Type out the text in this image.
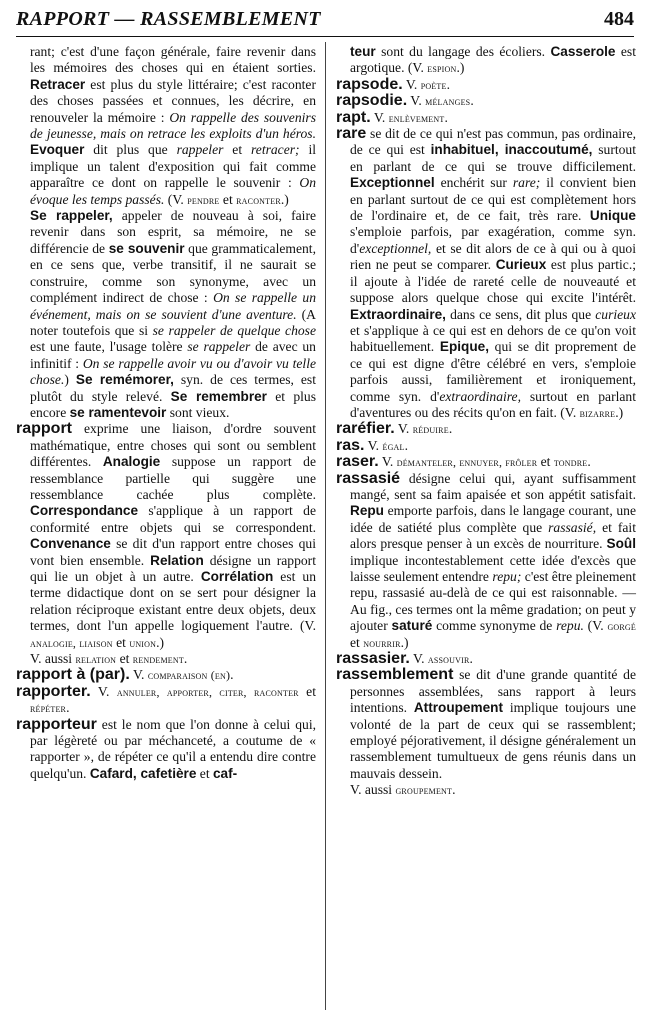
RAPPORT — RASSEMBLEMENT	484

rant; c'est d'une façon générale, faire revenir dans les mémoires des choses qui en étaient sorties. Retracer est plus du style littéraire; c'est raconter des choses passées et connues, les décrire, en renouveler la mémoire : On rappelle des souvenirs de jeunesse, mais on retrace les exploits d'un héros. Evoquer dit plus que rappeler et retracer; il implique un talent d'exposition qui fait comme apparaître ce dont on rappelle le souvenir : On évoque les temps passés. (V. pendre et raconter.)

Se rappeler, appeler de nouveau à soi, faire revenir dans son esprit, sa mémoire, ne se différencie de se souvenir que grammaticalement, en ce sens que, verbe transitif, il ne saurait se construire, comme son synonyme, avec un complément indirect de chose : On se rappelle un événement, mais on se souvient d'une aventure. (A noter toutefois que si se rappeler de quelque chose est une faute, l'usage tolère se rappeler de avec un infinitif : On se rappelle avoir vu ou d'avoir vu telle chose.) Se remémorer, syn. de ces termes, est plutôt du style relevé. Se remembrer et plus encore se ramentevoir sont vieux.

rapport exprime une liaison, d'ordre souvent mathématique, entre choses qui sont ou semblent différentes. Analogie suppose un rapport de ressemblance partielle qui suggère une ressemblance cachée plus complète. Correspondance s'applique à un rapport de conformité entre objets qui se correspondent. Convenance se dit d'un rapport entre choses qui vont bien ensemble. Relation désigne un rapport qui lie un objet à un autre. Corrélation est un terme didactique dont on se sert pour désigner la relation réciproque existant entre deux objets, deux termes, dont l'un appelle logiquement l'autre. (V. analogie, liaison et union.)

V. aussi relation et rendement.

rapport à (par). V. comparaison (en).

rapporter. V. annuler, apporter, citer, raconter et répéter.

rapporteur est le nom que l'on donne à celui qui, par légèreté ou par méchanceté, a coutume de « rapporter », de répéter ce qu'il a entendu dire contre quelqu'un. Cafard, cafetière et caf-

teur sont du langage des écoliers. Casserole est argotique. (V. espion.)

rapsode. V. poète.

rapsodie. V. mélanges.

rapt. V. enlèvement.

rare se dit de ce qui n'est pas commun, pas ordinaire, de ce qui est inhabituel, inaccoutumé, surtout en parlant de ce qui se trouve difficilement. Exceptionnel enchérit sur rare; il convient bien en parlant surtout de ce qui est complètement hors de l'ordinaire et, de ce fait, très rare. Unique s'emploie parfois, par exagération, comme syn. d'exceptionnel, et se dit alors de ce à qui ou à quoi rien ne peut se comparer. Curieux est plus partic.; il ajoute à l'idée de rareté celle de nouveauté et suppose alors quelque chose qui excite l'intérêt. Extraordinaire, dans ce sens, dit plus que curieux et s'applique à ce qui est en dehors de ce qu'on voit habituellement. Epique, qui se dit proprement de ce qui est digne d'être célébré en vers, s'emploie parfois aussi, familièrement et ironiquement, comme syn. d'extraordinaire, surtout en parlant d'aventures ou des récits qu'on en fait. (V. bizarre.)

raréfier. V. réduire.

ras. V. égal.

raser. V. démanteler, ennuyer, frôler et tondre.

rassasié désigne celui qui, ayant suffisamment mangé, sent sa faim apaisée et son appétit satisfait. Repu emporte parfois, dans le langage courant, une idée de satiété plus complète que rassasié, et fait alors presque penser à un excès de nourriture. Soûl implique incontestablement cette idée d'excès que laisse seulement entendre repu; c'est être pleinement repu, rassasié au-delà de ce qui est raisonnable. — Au fig., ces termes ont la même gradation; on peut y ajouter saturé comme synonyme de repu. (V. gorgé et nourrir.)

rassasier. V. assouvir.

rassemblement se dit d'une grande quantité de personnes assemblées, sans rapport à leurs intentions. Attroupement implique toujours une volonté de la part de ceux qui se rassemblent; employé péjorativement, il désigne généralement un rassemblement tumultueux de gens réunis dans un mauvais dessein.

V. aussi groupement.
